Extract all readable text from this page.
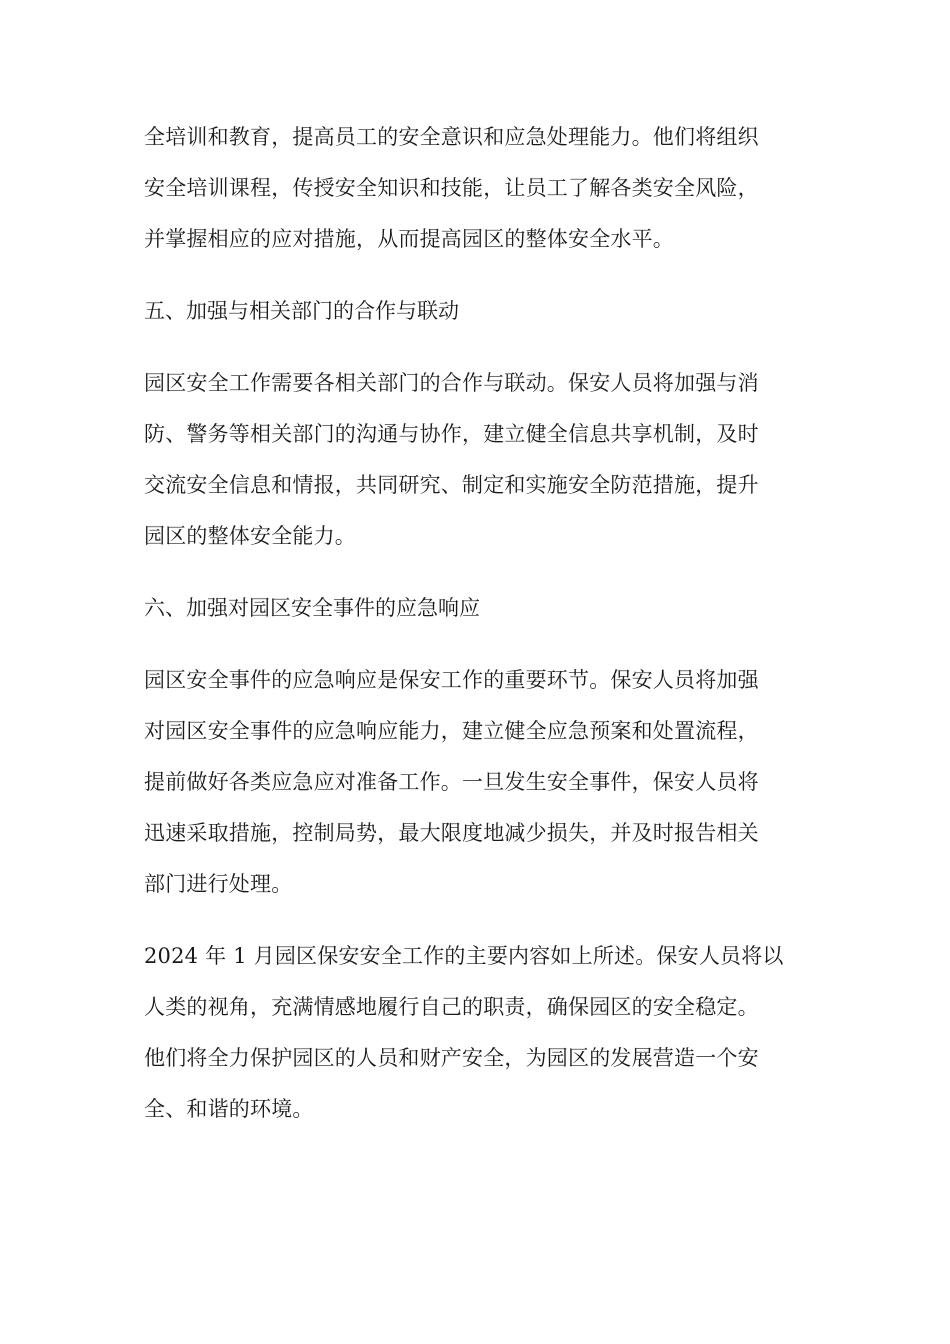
全培训和教育，提高员工的安全意识和应急处理能力。他们将组织
安全培训课程，传授安全知识和技能，让员工了解各类安全风险，
并掌握相应的应对措施，从而提高园区的整体安全水平。

五、加强与相关部门的合作与联动

园区安全工作需要各相关部门的合作与联动。保安人员将加强与消
防、警务等相关部门的沟通与协作，建立健全信息共享机制，及时
交流安全信息和情报，共同研究、制定和实施安全防范措施，提升
园区的整体安全能力。

六、加强对园区安全事件的应急响应

园区安全事件的应急响应是保安工作的重要环节。保安人员将加强
对园区安全事件的应急响应能力，建立健全应急预案和处置流程，
提前做好各类应急应对准备工作。一旦发生安全事件，保安人员将
迅速采取措施，控制局势，最大限度地减少损失，并及时报告相关
部门进行处理。

2024 年 1 月园区保安安全工作的主要内容如上所述。保安人员将以
人类的视角，充满情感地履行自己的职责，确保园区的安全稳定。
他们将全力保护园区的人员和财产安全，为园区的发展营造一个安
全、和谐的环境。
